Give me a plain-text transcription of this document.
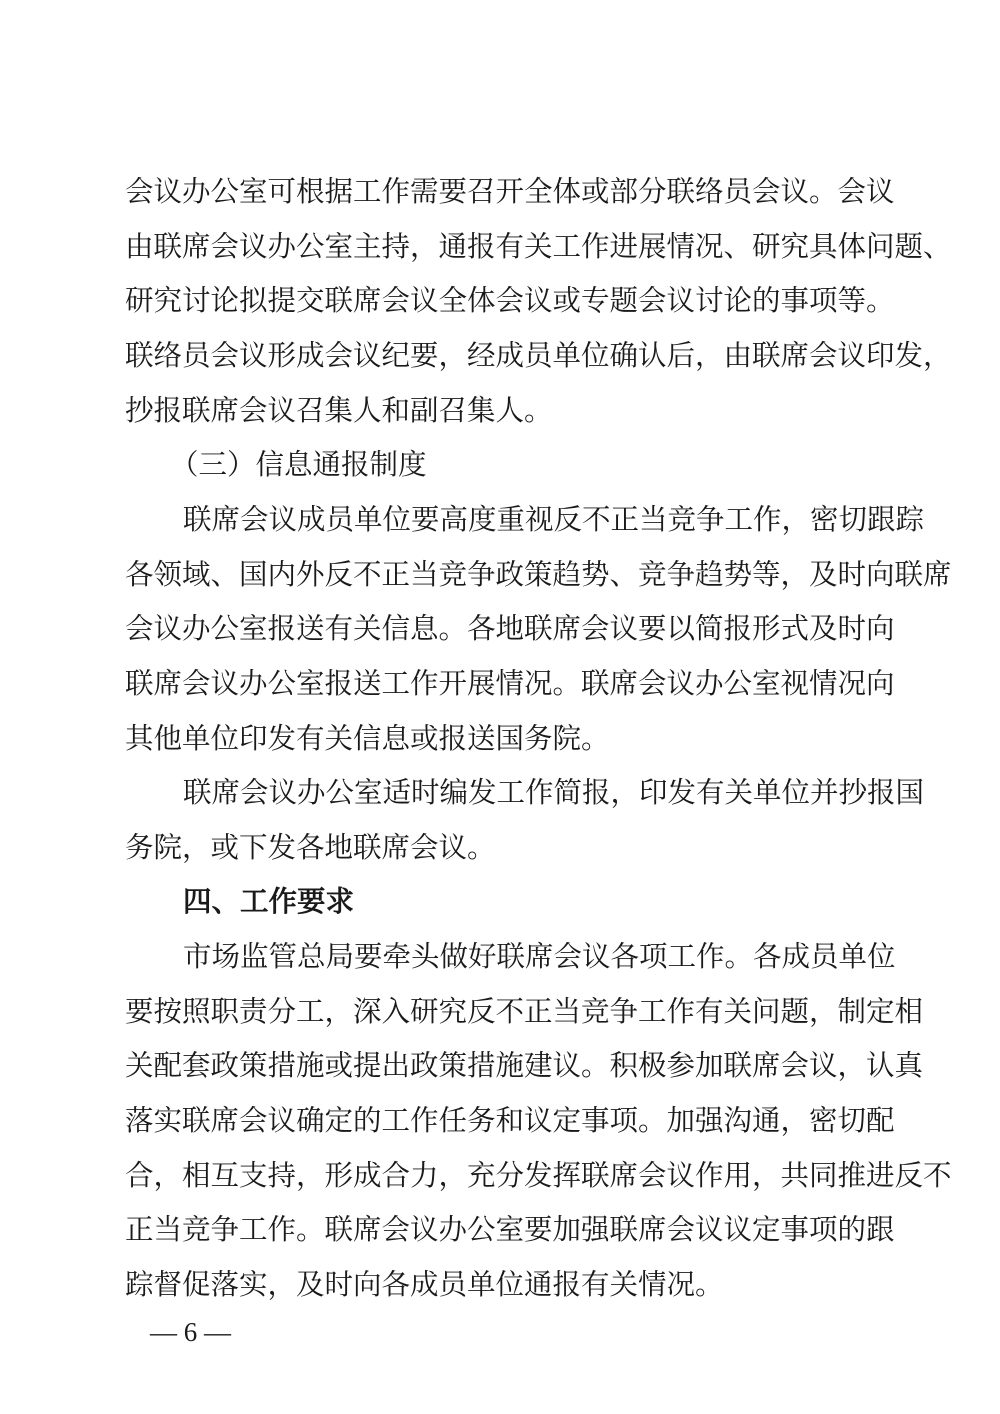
会议办公室可根据工作需要召开全体或部分联络员会议。会议
由联席会议办公室主持，通报有关工作进展情况、研究具体问题、
研究讨论拟提交联席会议全体会议或专题会议讨论的事项等。
联络员会议形成会议纪要，经成员单位确认后，由联席会议印发，
抄报联席会议召集人和副召集人。
（三）信息通报制度
联席会议成员单位要高度重视反不正当竞争工作，密切跟踪
各领域、国内外反不正当竞争政策趋势、竞争趋势等，及时向联席
会议办公室报送有关信息。各地联席会议要以简报形式及时向
联席会议办公室报送工作开展情况。联席会议办公室视情况向
其他单位印发有关信息或报送国务院。
联席会议办公室适时编发工作简报，印发有关单位并抄报国
务院，或下发各地联席会议。
四、工作要求
市场监管总局要牵头做好联席会议各项工作。各成员单位
要按照职责分工，深入研究反不正当竞争工作有关问题，制定相
关配套政策措施或提出政策措施建议。积极参加联席会议，认真
落实联席会议确定的工作任务和议定事项。加强沟通，密切配
合，相互支持，形成合力，充分发挥联席会议作用，共同推进反不
正当竞争工作。联席会议办公室要加强联席会议议定事项的跟
踪督促落实，及时向各成员单位通报有关情况。
— 6 —
